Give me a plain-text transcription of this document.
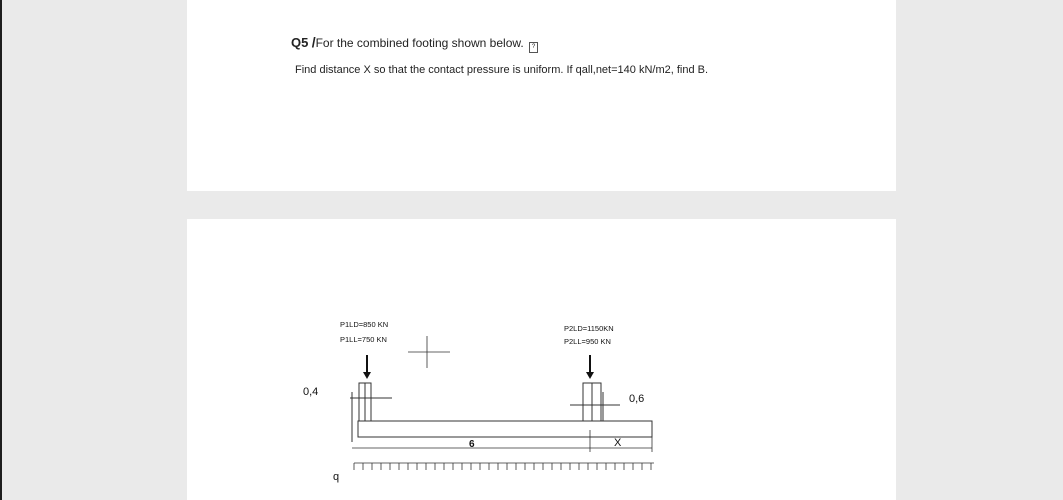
Q5 /For the combined footing shown below. ?
Find distance X so that the contact pressure is uniform. If qall,net=140 kN/m2, find B.
P1LD=850 KN
P1LL=750 KN
P2LD=1150KN
P2LL=950 KN
0,4
0,6
6	X
q
